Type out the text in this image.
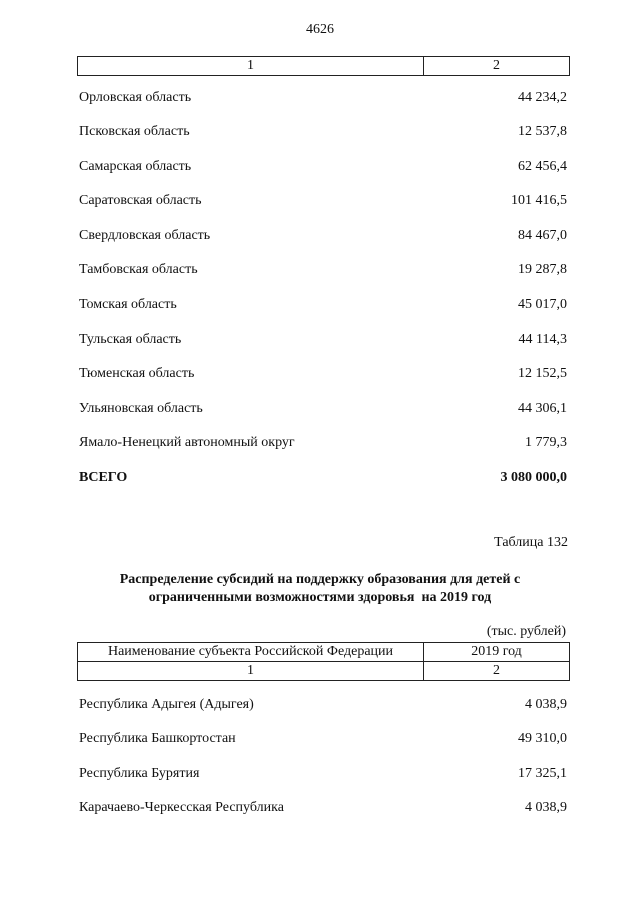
4626
1	2
Орловская область	44 234,2
Псковская область	12 537,8
Самарская область	62 456,4
Саратовская область	101 416,5
Свердловская область	84 467,0
Тамбовская область	19 287,8
Томская область	45 017,0
Тульская область	44 114,3
Тюменская область	12 152,5
Ульяновская область	44 306,1
Ямало-Ненецкий автономный округ	1 779,3
ВСЕГО	3 080 000,0
Таблица 132
Распределение субсидий на поддержку образования для детей с
ограниченными возможностями здоровья  на 2019 год
(тыс. рублей)
Наименование субъекта Российской Федерации	2019 год
1	2
Республика Адыгея (Адыгея)	4 038,9
Республика Башкортостан	49 310,0
Республика Бурятия	17 325,1
Карачаево-Черкесская Республика	4 038,9
